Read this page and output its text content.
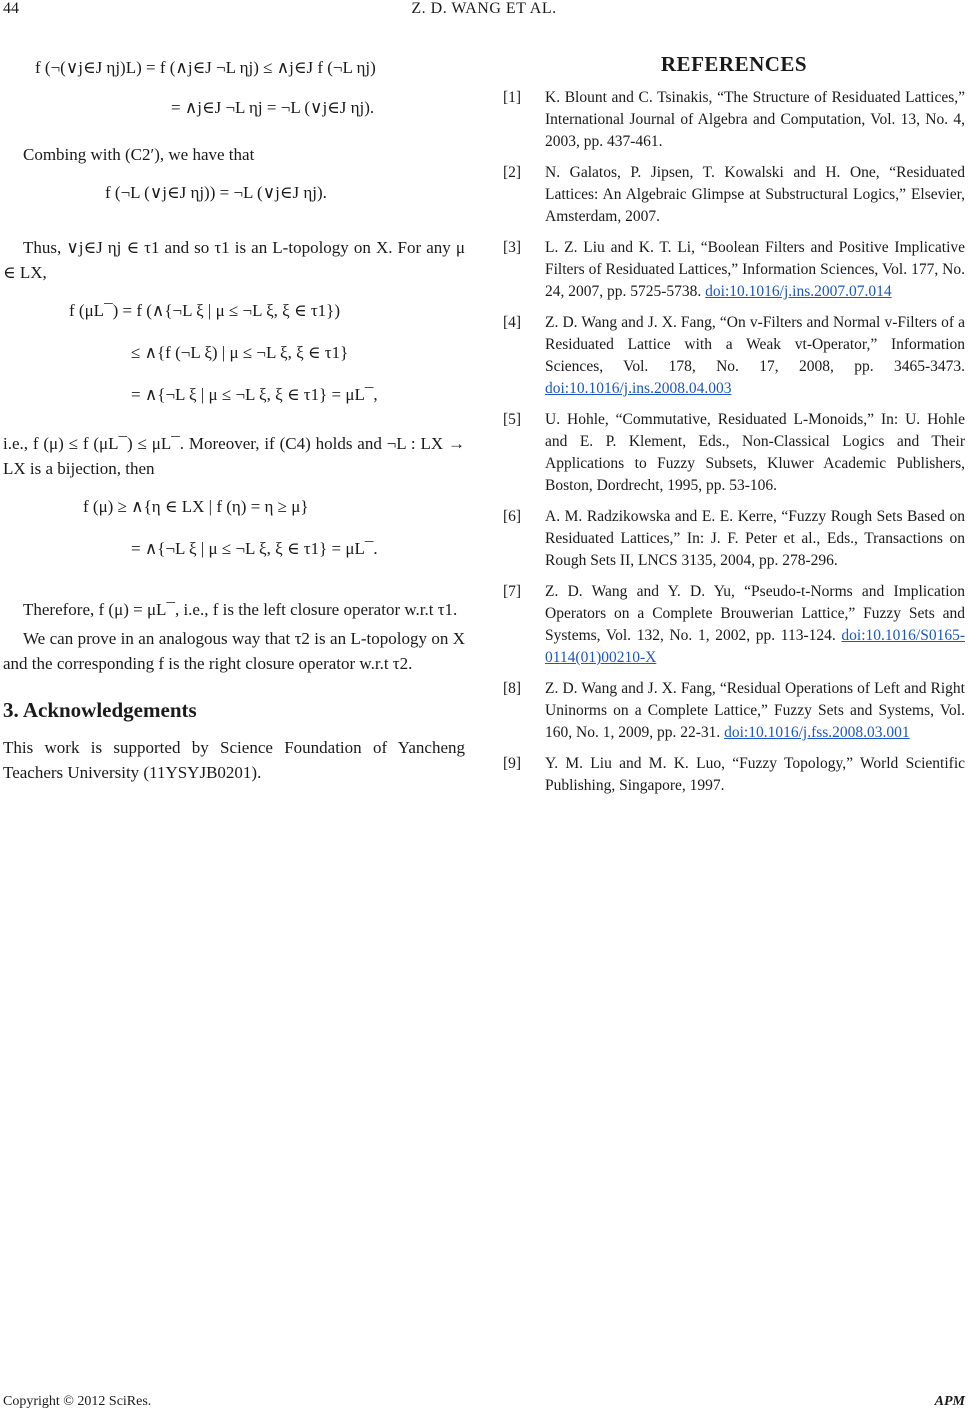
44	Z. D. WANG ET AL.
f (¬(∨j∈J ηj)L) = f (∧j∈J ¬L ηj) ≤ ∧j∈J f (¬L ηj)
= ∧j∈J ¬L ηj = ¬L (∨j∈J ηj).

Combing with (C2′), we have that

f (¬L (∨j∈J ηj)) = ¬L (∨j∈J ηj).

Thus, ∨j∈J ηj ∈ τ1 and so τ1 is an L-topology on X. For any μ ∈ LX,

f (μL¯) = f (∧{¬L ξ | μ ≤ ¬L ξ, ξ ∈ τ1})
≤ ∧{f (¬L ξ) | μ ≤ ¬L ξ, ξ ∈ τ1}
= ∧{¬L ξ | μ ≤ ¬L ξ, ξ ∈ τ1} = μL¯,

i.e., f (μ) ≤ f (μL¯) ≤ μL¯. Moreover, if (C4) holds and ¬L : LX → LX is a bijection, then

f (μ) ≥ ∧{η ∈ LX | f (η) = η ≥ μ}
= ∧{¬L ξ | μ ≤ ¬L ξ, ξ ∈ τ1} = μL¯.

Therefore, f (μ) = μL¯, i.e., f is the left closure operator w.r.t τ1.

We can prove in an analogous way that τ2 is an L-topology on X and the corresponding f is the right closure operator w.r.t τ2.

3. Acknowledgements

This work is supported by Science Foundation of Yancheng Teachers University (11YSYJB0201).

REFERENCES
[1]	K. Blount and C. Tsinakis, “The Structure of Residuated Lattices,” International Journal of Algebra and Computation, Vol. 13, No. 4, 2003, pp. 437-461.
[2]	N. Galatos, P. Jipsen, T. Kowalski and H. One, “Residuated Lattices: An Algebraic Glimpse at Substructural Logics,” Elsevier, Amsterdam, 2007.
[3]	L. Z. Liu and K. T. Li, “Boolean Filters and Positive Implicative Filters of Residuated Lattices,” Information Sciences, Vol. 177, No. 24, 2007, pp. 5725-5738. doi:10.1016/j.ins.2007.07.014
[4]	Z. D. Wang and J. X. Fang, “On v-Filters and Normal v-Filters of a Residuated Lattice with a Weak vt-Operator,” Information Sciences, Vol. 178, No. 17, 2008, pp. 3465-3473. doi:10.1016/j.ins.2008.04.003
[5]	U. Hohle, “Commutative, Residuated L-Monoids,” In: U. Hohle and E. P. Klement, Eds., Non-Classical Logics and Their Applications to Fuzzy Subsets, Kluwer Academic Publishers, Boston, Dordrecht, 1995, pp. 53-106.
[6]	A. M. Radzikowska and E. E. Kerre, “Fuzzy Rough Sets Based on Residuated Lattices,” In: J. F. Peter et al., Eds., Transactions on Rough Sets II, LNCS 3135, 2004, pp. 278-296.
[7]	Z. D. Wang and Y. D. Yu, “Pseudo-t-Norms and Implication Operators on a Complete Brouwerian Lattice,” Fuzzy Sets and Systems, Vol. 132, No. 1, 2002, pp. 113-124. doi:10.1016/S0165-0114(01)00210-X
[8]	Z. D. Wang and J. X. Fang, “Residual Operations of Left and Right Uninorms on a Complete Lattice,” Fuzzy Sets and Systems, Vol. 160, No. 1, 2009, pp. 22-31. doi:10.1016/j.fss.2008.03.001
[9]	Y. M. Liu and M. K. Luo, “Fuzzy Topology,” World Scientific Publishing, Singapore, 1997.
Copyright © 2012 SciRes.	APM
